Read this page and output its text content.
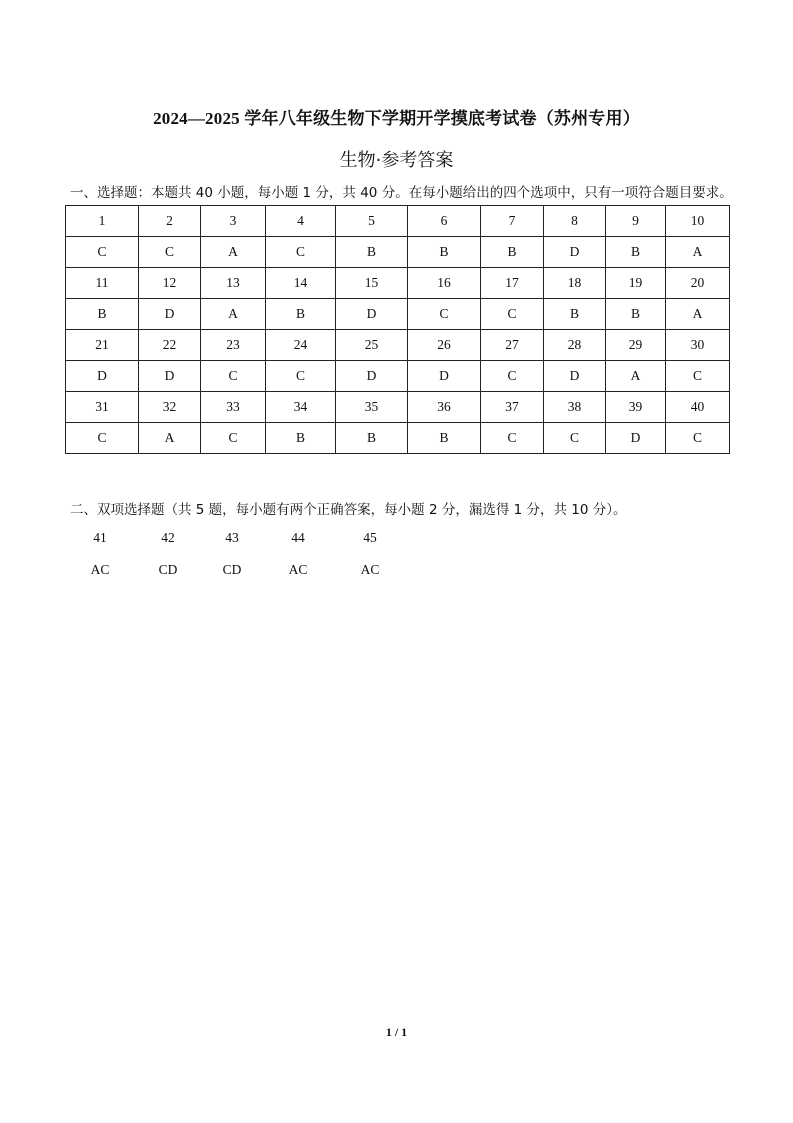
2024—2025 学年八年级生物下学期开学摸底考试卷（苏州专用）
生物·参考答案
一、选择题：本题共 40 小题，每小题 1 分，共 40 分。在每小题给出的四个选项中，只有一项符合题目要求。
1	2	3	4	5	6	7	8	9	10
C	C	A	C	B	B	B	D	B	A
11	12	13	14	15	16	17	18	19	20
B	D	A	B	D	C	C	B	B	A
21	22	23	24	25	26	27	28	29	30
D	D	C	C	D	D	C	D	A	C
31	32	33	34	35	36	37	38	39	40
C	A	C	B	B	B	C	C	D	C
二、双项选择题（共 5 题，每小题有两个正确答案，每小题 2 分，漏选得 1 分，共 10 分）。
41	42	43	44	45
AC	CD	CD	AC	AC
1 / 1
